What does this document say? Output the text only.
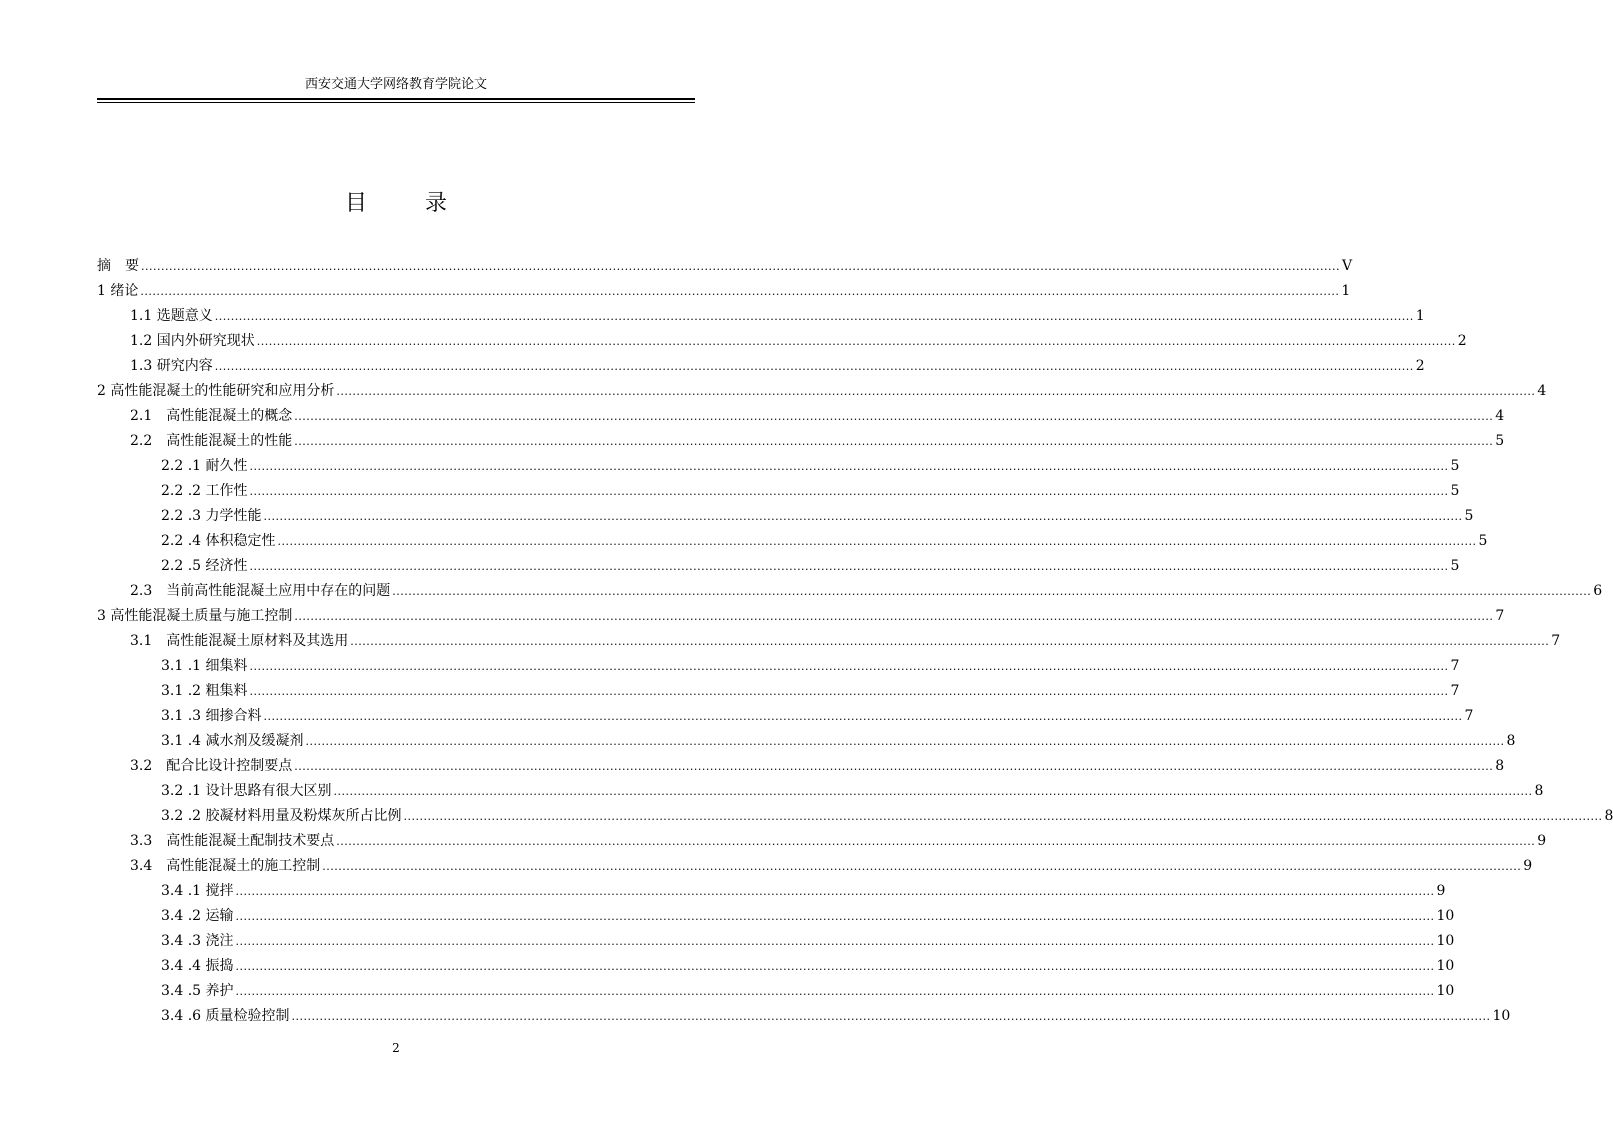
西安交通大学网络教育学院论文
目　录
摘　要 ............................................................................................................................................................................................................................................................................................................ V
1 绪论 ............................................................................................................................................................................................................................................................................................................ 1
1.1 选题意义 ............................................................................................................................................................................................................................................................................................................ 1
1.2 国内外研究现状 ............................................................................................................................................................................................................................................................................................................ 2
1.3 研究内容 ............................................................................................................................................................................................................................................................................................................ 2
2 高性能混凝土的性能研究和应用分析 ............................................................................................................................................................................................................................................................................................................ 4
2.1　高性能混凝土的概念 ............................................................................................................................................................................................................................................................................................................ 4
2.2　高性能混凝土的性能 ............................................................................................................................................................................................................................................................................................................ 5
2.2 .1 耐久性 ............................................................................................................................................................................................................................................................................................................ 5
2.2 .2 工作性 ............................................................................................................................................................................................................................................................................................................ 5
2.2 .3 力学性能 ............................................................................................................................................................................................................................................................................................................ 5
2.2 .4 体积稳定性 ............................................................................................................................................................................................................................................................................................................ 5
2.2 .5 经济性 ............................................................................................................................................................................................................................................................................................................ 5
2.3　当前高性能混凝土应用中存在的问题 ............................................................................................................................................................................................................................................................................................................ 6
3 高性能混凝土质量与施工控制 ............................................................................................................................................................................................................................................................................................................ 7
3.1　高性能混凝土原材料及其选用 ............................................................................................................................................................................................................................................................................................................ 7
3.1 .1 细集料 ............................................................................................................................................................................................................................................................................................................ 7
3.1 .2 粗集料 ............................................................................................................................................................................................................................................................................................................ 7
3.1 .3 细掺合料 ............................................................................................................................................................................................................................................................................................................ 7
3.1 .4 减水剂及缓凝剂 ............................................................................................................................................................................................................................................................................................................ 8
3.2　配合比设计控制要点 ............................................................................................................................................................................................................................................................................................................ 8
3.2 .1 设计思路有很大区别 ............................................................................................................................................................................................................................................................................................................ 8
3.2 .2 胶凝材料用量及粉煤灰所占比例 ............................................................................................................................................................................................................................................................................................................ 8
3.3　高性能混凝土配制技术要点 ............................................................................................................................................................................................................................................................................................................ 9
3.4　高性能混凝土的施工控制 ............................................................................................................................................................................................................................................................................................................ 9
3.4 .1 搅拌 ............................................................................................................................................................................................................................................................................................................ 9
3.4 .2 运输 ............................................................................................................................................................................................................................................................................................................ 10
3.4 .3 浇注 ............................................................................................................................................................................................................................................................................................................ 10
3.4 .4 振捣 ............................................................................................................................................................................................................................................................................................................ 10
3.4 .5 养护 ............................................................................................................................................................................................................................................................................................................ 10
3.4 .6 质量检验控制 ............................................................................................................................................................................................................................................................................................................ 10
2
